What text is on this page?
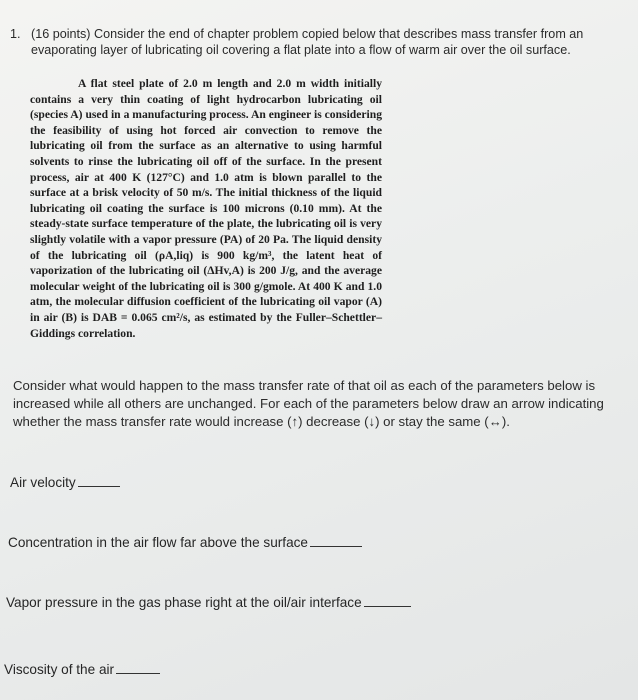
1. (16 points) Consider the end of chapter problem copied below that describes mass transfer from an evaporating layer of lubricating oil covering a flat plate into a flow of warm air over the oil surface.

A flat steel plate of 2.0 m length and 2.0 m width initially contains a very thin coating of light hydrocarbon lubricating oil (species A) used in a manufacturing process. An engineer is considering the feasibility of using hot forced air convection to remove the lubricating oil from the surface as an alternative to using harmful solvents to rinse the lubricating oil off of the surface. In the present process, air at 400 K (127°C) and 1.0 atm is blown parallel to the surface at a brisk velocity of 50 m/s. The initial thickness of the liquid lubricating oil coating the surface is 100 microns (0.10 mm). At the steady-state surface temperature of the plate, the lubricating oil is very slightly volatile with a vapor pressure (PA) of 20 Pa. The liquid density of the lubricating oil (ρA,liq) is 900 kg/m³, the latent heat of vaporization of the lubricating oil (ΔHv,A) is 200 J/g, and the average molecular weight of the lubricating oil is 300 g/gmole. At 400 K and 1.0 atm, the molecular diffusion coefficient of the lubricating oil vapor (A) in air (B) is DAB = 0.065 cm²/s, as estimated by the Fuller–Schettler–Giddings correlation.

Consider what would happen to the mass transfer rate of that oil as each of the parameters below is increased while all others are unchanged. For each of the parameters below draw an arrow indicating whether the mass transfer rate would increase (↑) decrease (↓) or stay the same (↔).
Air velocity
Concentration in the air flow far above the surface
Vapor pressure in the gas phase right at the oil/air interface
Viscosity of the air
